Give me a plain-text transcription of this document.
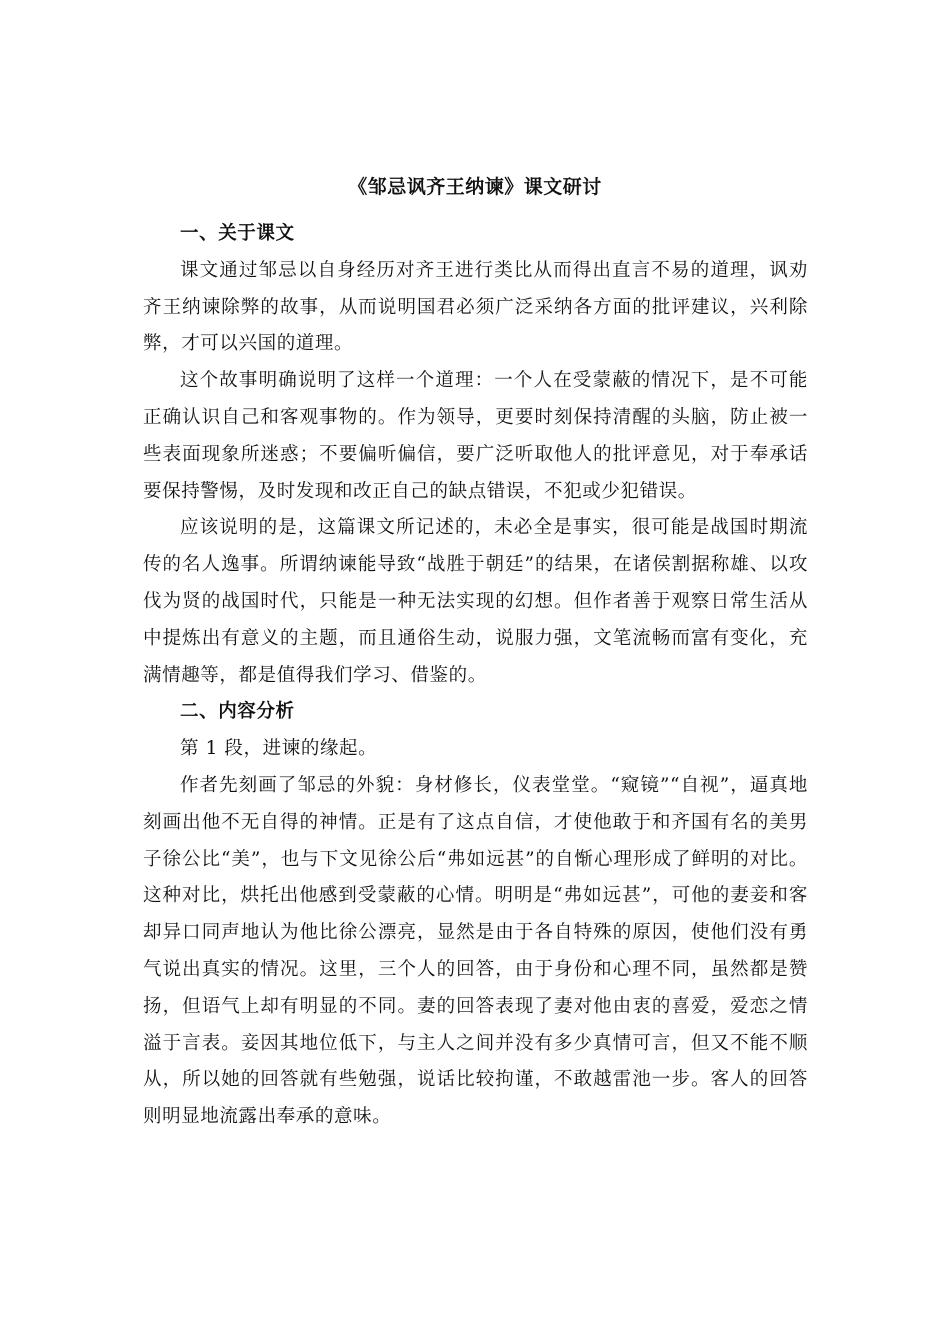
《邹忌讽齐王纳谏》课文研讨
一、关于课文

课文通过邹忌以自身经历对齐王进行类比从而得出直言不易的道理，讽劝齐王纳谏除弊的故事，从而说明国君必须广泛采纳各方面的批评建议，兴利除弊，才可以兴国的道理。

这个故事明确说明了这样一个道理：一个人在受蒙蔽的情况下，是不可能正确认识自己和客观事物的。作为领导，更要时刻保持清醒的头脑，防止被一些表面现象所迷惑；不要偏听偏信，要广泛听取他人的批评意见，对于奉承话要保持警惕，及时发现和改正自己的缺点错误，不犯或少犯错误。

应该说明的是，这篇课文所记述的，未必全是事实，很可能是战国时期流传的名人逸事。所谓纳谏能导致“战胜于朝廷”的结果，在诸侯割据称雄、以攻伐为贤的战国时代，只能是一种无法实现的幻想。但作者善于观察日常生活从中提炼出有意义的主题，而且通俗生动，说服力强，文笔流畅而富有变化，充满情趣等，都是值得我们学习、借鉴的。

二、内容分析

第 1 段，进谏的缘起。

作者先刻画了邹忌的外貌：身材修长，仪表堂堂。“窥镜”“自视”，逼真地刻画出他不无自得的神情。正是有了这点自信，才使他敢于和齐国有名的美男子徐公比“美”，也与下文见徐公后“弗如远甚”的自惭心理形成了鲜明的对比。这种对比，烘托出他感到受蒙蔽的心情。明明是“弗如远甚”，可他的妻妾和客却异口同声地认为他比徐公漂亮，显然是由于各自特殊的原因，使他们没有勇气说出真实的情况。这里，三个人的回答，由于身份和心理不同，虽然都是赞扬，但语气上却有明显的不同。妻的回答表现了妻对他由衷的喜爱，爱恋之情溢于言表。妾因其地位低下，与主人之间并没有多少真情可言，但又不能不顺从，所以她的回答就有些勉强，说话比较拘谨，不敢越雷池一步。客人的回答则明显地流露出奉承的意味。
